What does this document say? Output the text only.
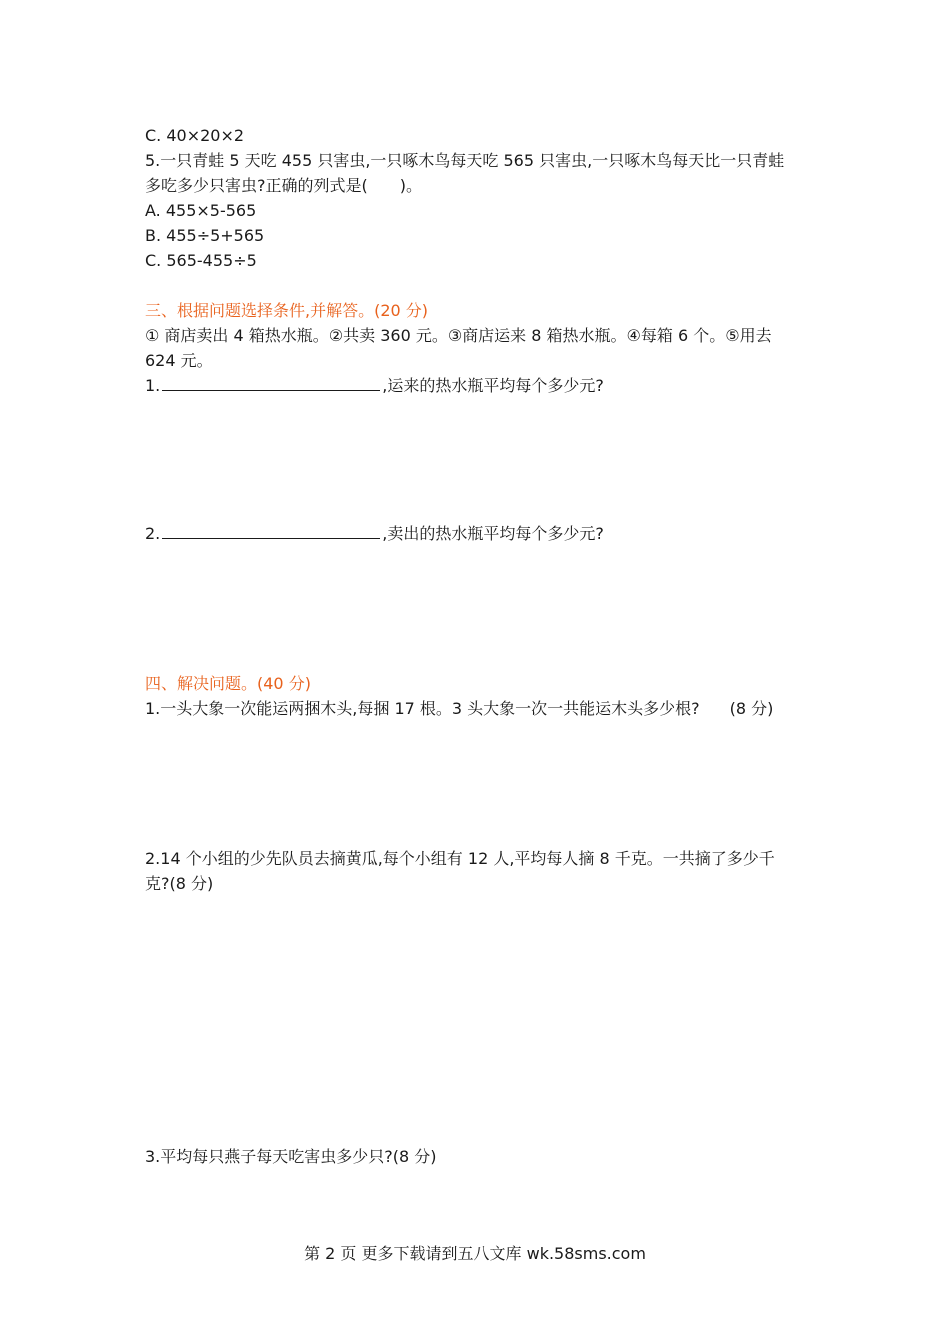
C. 40×20×2
5.一只青蛙 5 天吃 455 只害虫,一只啄木鸟每天吃 565 只害虫,一只啄木鸟每天比一只青蛙
多吃多少只害虫?正确的列式是(　　)。
A. 455×5-565
B. 455÷5+565
C. 565-455÷5
三、根据问题选择条件,并解答。(20 分)
① 商店卖出 4 箱热水瓶。②共卖 360 元。③商店运来 8 箱热水瓶。④每箱 6 个。⑤用去
624 元。
1.	,运来的热水瓶平均每个多少元?
2.	,卖出的热水瓶平均每个多少元?
四、解决问题。(40 分)
1.一头大象一次能运两捆木头,每捆 17 根。3 头大象一次一共能运木头多少根? (8 分)
2.14 个小组的少先队员去摘黄瓜,每个小组有 12 人,平均每人摘 8 千克。一共摘了多少千
克?(8 分)
3.平均每只燕子每天吃害虫多少只?(8 分)
第 2 页 更多下载请到五八文库 wk.58sms.com
